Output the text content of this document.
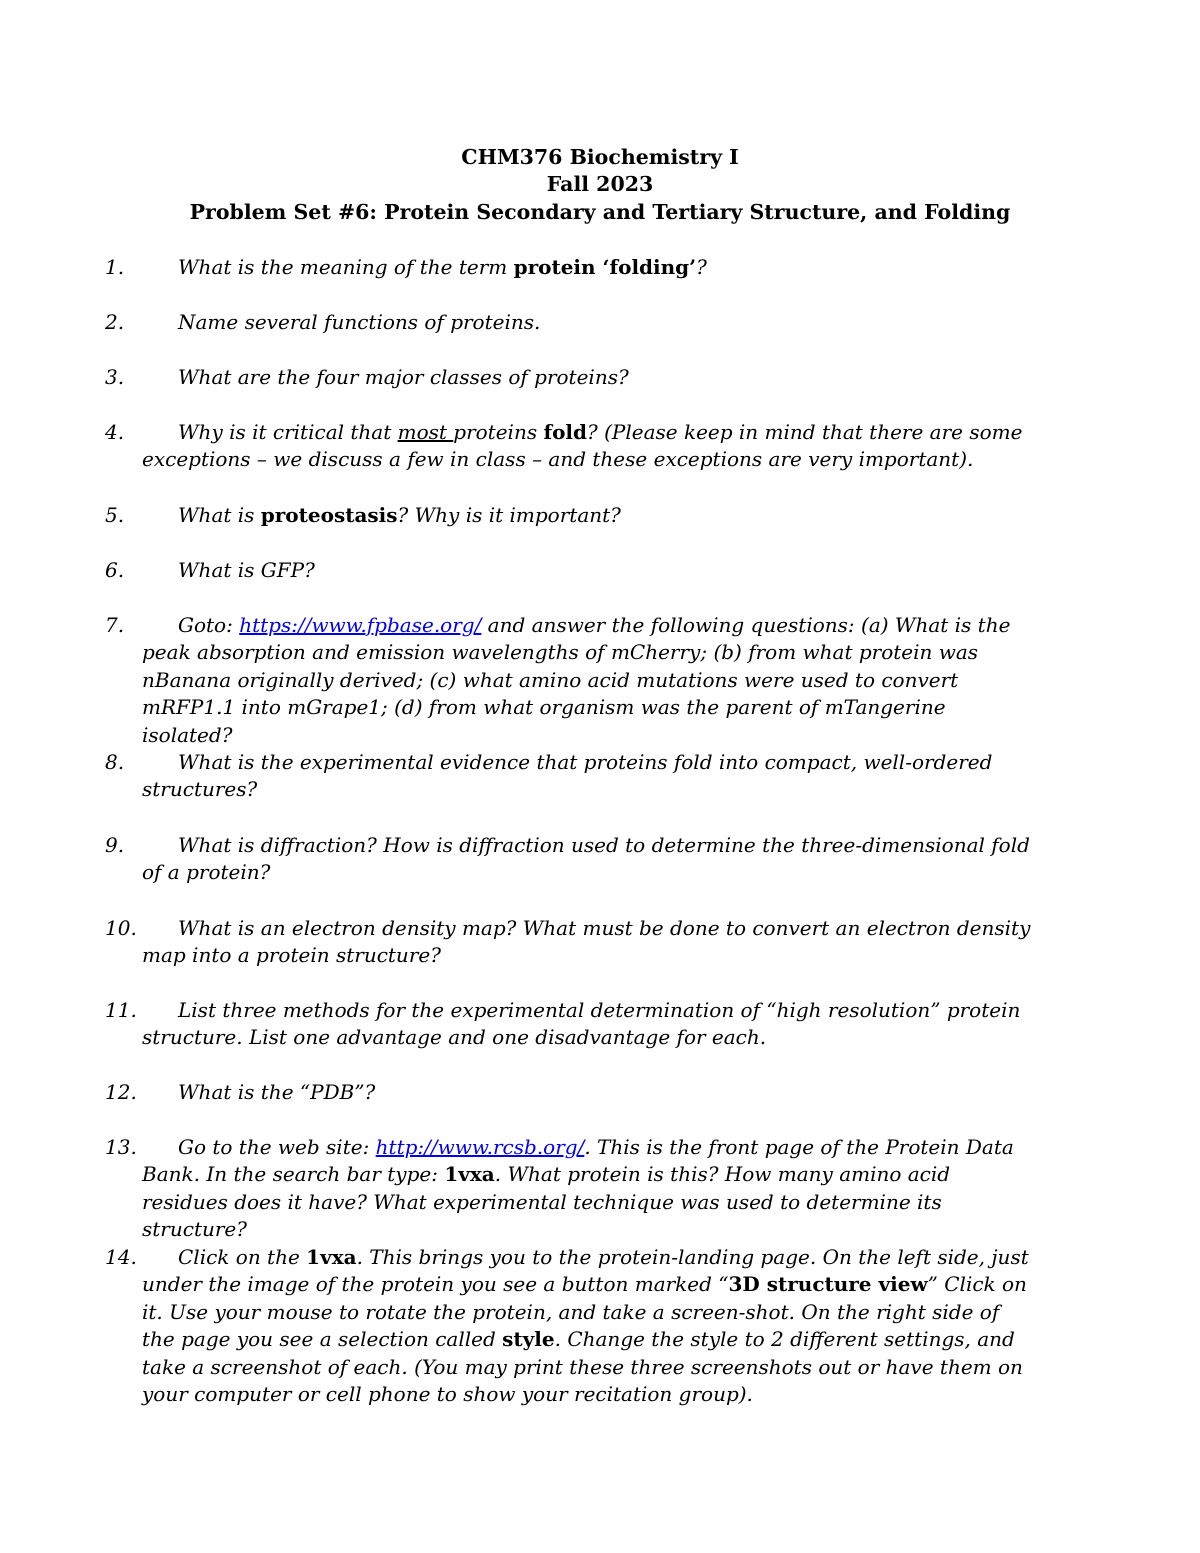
CHM376 Biochemistry I
Fall 2023
Problem Set #6: Protein Secondary and Tertiary Structure, and Folding
1.	What is the meaning of the term protein ‘folding’?
2.	Name several functions of proteins.
3.	What are the four major classes of proteins?
4.	Why is it critical that most proteins fold? (Please keep in mind that there are some exceptions – we discuss a few in class – and these exceptions are very important).
5.	What is proteostasis? Why is it important?
6.	What is GFP?
7.	Goto: https://www.fpbase.org/ and answer the following questions: (a) What is the peak absorption and emission wavelengths of mCherry; (b) from what protein was nBanana originally derived; (c) what amino acid mutations were used to convert mRFP1.1 into mGrape1; (d) from what organism was the parent of mTangerine isolated?
8.	What is the experimental evidence that proteins fold into compact, well-ordered structures?
9.	What is diffraction? How is diffraction used to determine the three-dimensional fold of a protein?
10.	What is an electron density map? What must be done to convert an electron density map into a protein structure?
11.	List three methods for the experimental determination of “high resolution” protein structure. List one advantage and one disadvantage for each.
12.	What is the “PDB”?
13.	Go to the web site: http://www.rcsb.org/. This is the front page of the Protein Data Bank. In the search bar type: 1vxa. What protein is this? How many amino acid residues does it have? What experimental technique was used to determine its structure?
14.	Click on the 1vxa. This brings you to the protein-landing page. On the left side, just under the image of the protein you see a button marked “3D structure view” Click on it. Use your mouse to rotate the protein, and take a screen-shot. On the right side of the page you see a selection called style. Change the style to 2 different settings, and take a screenshot of each. (You may print these three screenshots out or have them on your computer or cell phone to show your recitation group).
